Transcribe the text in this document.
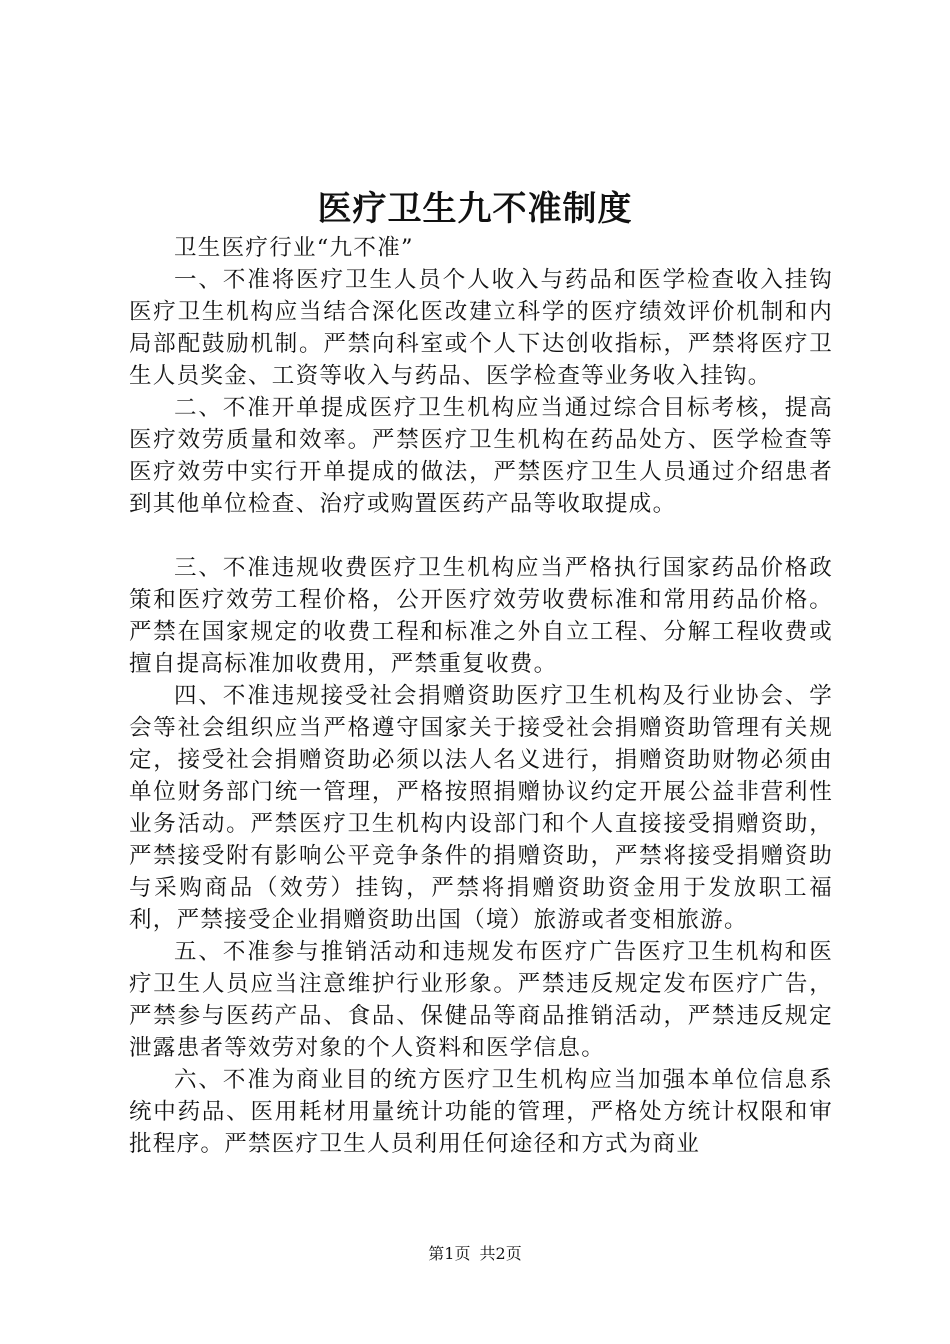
医疗卫生九不准制度

卫生医疗行业“九不准”

一、不准将医疗卫生人员个人收入与药品和医学检查收入挂钩医疗卫生机构应当结合深化医改建立科学的医疗绩效评价机制和内局部配鼓励机制。严禁向科室或个人下达创收指标，严禁将医疗卫生人员奖金、工资等收入与药品、医学检查等业务收入挂钩。

二、不准开单提成医疗卫生机构应当通过综合目标考核，提高医疗效劳质量和效率。严禁医疗卫生机构在药品处方、医学检查等医疗效劳中实行开单提成的做法，严禁医疗卫生人员通过介绍患者到其他单位检查、治疗或购置医药产品等收取提成。

三、不准违规收费医疗卫生机构应当严格执行国家药品价格政策和医疗效劳工程价格，公开医疗效劳收费标准和常用药品价格。严禁在国家规定的收费工程和标准之外自立工程、分解工程收费或擅自提高标准加收费用，严禁重复收费。

四、不准违规接受社会捐赠资助医疗卫生机构及行业协会、学会等社会组织应当严格遵守国家关于接受社会捐赠资助管理有关规定，接受社会捐赠资助必须以法人名义进行，捐赠资助财物必须由单位财务部门统一管理，严格按照捐赠协议约定开展公益非营利性业务活动。严禁医疗卫生机构内设部门和个人直接接受捐赠资助，严禁接受附有影响公平竞争条件的捐赠资助，严禁将接受捐赠资助与采购商品（效劳）挂钩，严禁将捐赠资助资金用于发放职工福利，严禁接受企业捐赠资助出国（境）旅游或者变相旅游。

五、不准参与推销活动和违规发布医疗广告医疗卫生机构和医疗卫生人员应当注意维护行业形象。严禁违反规定发布医疗广告，严禁参与医药产品、食品、保健品等商品推销活动，严禁违反规定泄露患者等效劳对象的个人资料和医学信息。

六、不准为商业目的统方医疗卫生机构应当加强本单位信息系统中药品、医用耗材用量统计功能的管理，严格处方统计权限和审批程序。严禁医疗卫生人员利用任何途径和方式为商业

第1页 共2页
